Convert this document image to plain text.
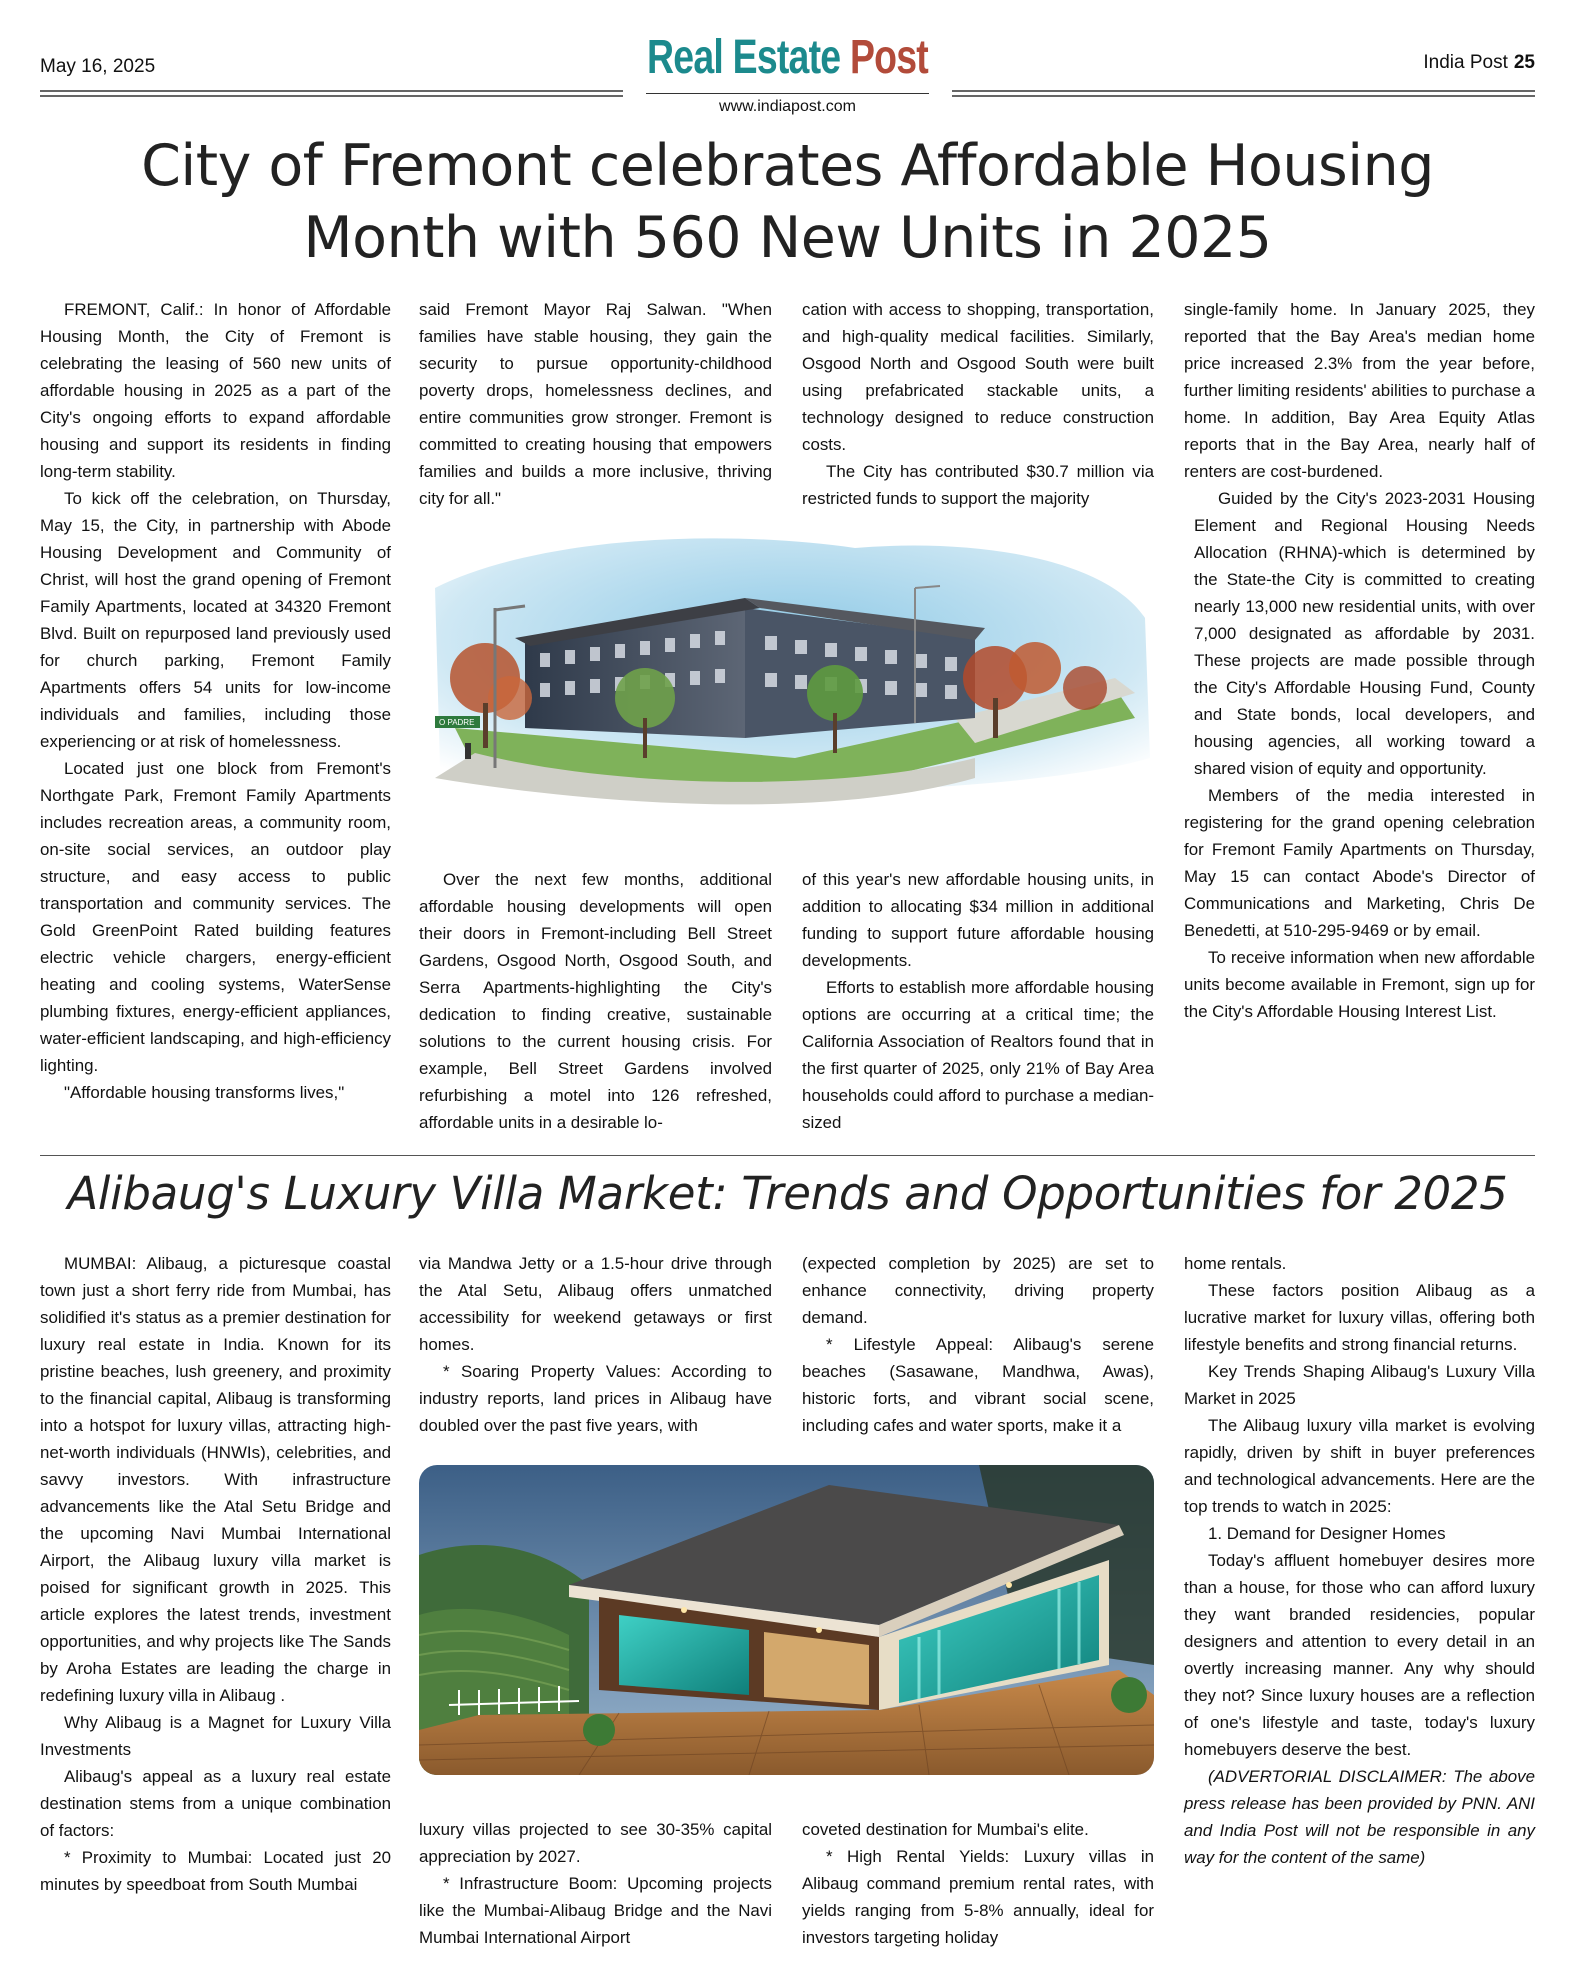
May 16, 2025	Real Estate Post	India Post 25
www.indiapost.com
City of Fremont celebrates Affordable Housing
Month with 560 New Units in 2025

FREMONT, Calif.: In honor of Affordable Housing Month, the City of Fremont is celebrating the leasing of 560 new units of affordable housing in 2025 as a part of the City's ongoing efforts to expand affordable housing and support its residents in finding long-term stability.

To kick off the celebration, on Thursday, May 15, the City, in partnership with Abode Housing Development and Community of Christ, will host the grand opening of Fremont Family Apartments, located at 34320 Fremont Blvd. Built on repurposed land previously used for church parking, Fremont Family Apartments offers 54 units for low-income individuals and families, including those experiencing or at risk of homelessness.

Located just one block from Fremont's Northgate Park, Fremont Family Apartments includes recreation areas, a community room, on-site social services, an outdoor play structure, and easy access to public transportation and community services. The Gold GreenPoint Rated building features electric vehicle chargers, energy-efficient heating and cooling systems, WaterSense plumbing fixtures, energy-efficient appliances, water-efficient landscaping, and high-efficiency lighting.

"Affordable housing transforms lives,"

said Fremont Mayor Raj Salwan. "When families have stable housing, they gain the security to pursue opportunity-childhood poverty drops, homelessness declines, and entire communities grow stronger. Fremont is committed to creating housing that empowers families and builds a more inclusive, thriving city for all."

cation with access to shopping, transportation, and high-quality medical facilities. Similarly, Osgood North and Osgood South were built using prefabricated stackable units, a technology designed to reduce construction costs.

The City has contributed $30.7 million via restricted funds to support the majority

O PADRE

Over the next few months, additional affordable housing developments will open their doors in Fremont-including Bell Street Gardens, Osgood North, Osgood South, and Serra Apartments-highlighting the City's dedication to finding creative, sustainable solutions to the current housing crisis. For example, Bell Street Gardens involved refurbishing a motel into 126 refreshed, affordable units in a desirable lo-

of this year's new affordable housing units, in addition to allocating $34 million in additional funding to support future affordable housing developments.

Efforts to establish more affordable housing options are occurring at a critical time; the California Association of Realtors found that in the first quarter of 2025, only 21% of Bay Area households could afford to purchase a median-sized

single-family home. In January 2025, they reported that the Bay Area's median home price increased 2.3% from the year before, further limiting residents' abilities to purchase a home. In addition, Bay Area Equity Atlas reports that in the Bay Area, nearly half of renters are cost-burdened.

Guided by the City's 2023-2031 Housing Element and Regional Housing Needs Allocation (RHNA)-which is determined by the State-the City is committed to creating nearly 13,000 new residential units, with over 7,000 designated as affordable by 2031. These projects are made possible through the City's Affordable Housing Fund, County and State bonds, local developers, and housing agencies, all working toward a shared vision of equity and opportunity.

Members of the media interested in registering for the grand opening celebration for Fremont Family Apartments on Thursday, May 15 can contact Abode's Director of Communications and Marketing, Chris De Benedetti, at 510-295-9469 or by email.

To receive information when new affordable units become available in Fremont, sign up for the City's Affordable Housing Interest List.

Alibaug's Luxury Villa Market: Trends and Opportunities for 2025

MUMBAI: Alibaug, a picturesque coastal town just a short ferry ride from Mumbai, has solidified it's status as a premier destination for luxury real estate in India. Known for its pristine beaches, lush greenery, and proximity to the financial capital, Alibaug is transforming into a hotspot for luxury villas, attracting high-net-worth individuals (HNWIs), celebrities, and savvy investors. With infrastructure advancements like the Atal Setu Bridge and the upcoming Navi Mumbai International Airport, the Alibaug luxury villa market is poised for significant growth in 2025. This article explores the latest trends, investment opportunities, and why projects like The Sands by Aroha Estates are leading the charge in redefining luxury villa in Alibaug .

Why Alibaug is a Magnet for Luxury Villa Investments

Alibaug's appeal as a luxury real estate destination stems from a unique combination of factors:

* Proximity to Mumbai: Located just 20 minutes by speedboat from South Mumbai

via Mandwa Jetty or a 1.5-hour drive through the Atal Setu, Alibaug offers unmatched accessibility for weekend getaways or first homes.

* Soaring Property Values: According to industry reports, land prices in Alibaug have doubled over the past five years, with

(expected completion by 2025) are set to enhance connectivity, driving property demand.

* Lifestyle Appeal: Alibaug's serene beaches (Sasawane, Mandhwa, Awas), historic forts, and vibrant social scene, including cafes and water sports, make it a

luxury villas projected to see 30-35% capital appreciation by 2027.

* Infrastructure Boom: Upcoming projects like the Mumbai-Alibaug Bridge and the Navi Mumbai International Airport

coveted destination for Mumbai's elite.

* High Rental Yields: Luxury villas in Alibaug command premium rental rates, with yields ranging from 5-8% annually, ideal for investors targeting holiday

home rentals.

These factors position Alibaug as a lucrative market for luxury villas, offering both lifestyle benefits and strong financial returns.

Key Trends Shaping Alibaug's Luxury Villa Market in 2025

The Alibaug luxury villa market is evolving rapidly, driven by shift in buyer preferences and technological advancements. Here are the top trends to watch in 2025:

1. Demand for Designer Homes

Today's affluent homebuyer desires more than a house, for those who can afford luxury they want branded residencies, popular designers and attention to every detail in an overtly increasing manner. Any why should they not? Since luxury houses are a reflection of one's lifestyle and taste, today's luxury homebuyers deserve the best.

(ADVERTORIAL DISCLAIMER: The above press release has been provided by PNN. ANI and India Post will not be responsible in any way for the content of the same)
